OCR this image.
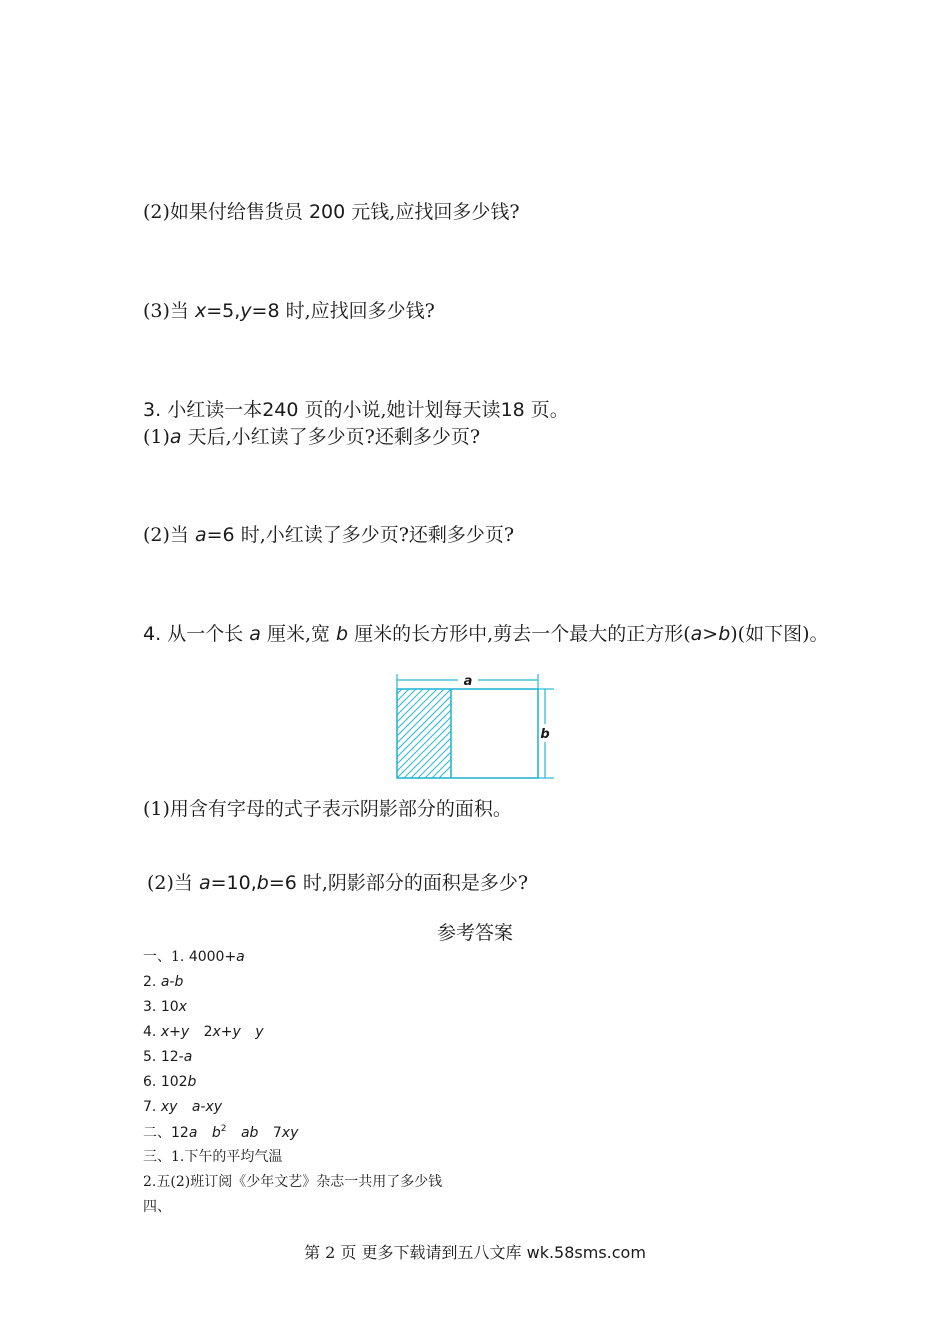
(2)如果付给售货员 200 元钱,应找回多少钱?
(3)当 x=5,y=8 时,应找回多少钱?
3. 小红读一本240 页的小说,她计划每天读18 页。
(1)a 天后,小红读了多少页?还剩多少页?
(2)当 a=6 时,小红读了多少页?还剩多少页?
4. 从一个长 a 厘米,宽 b 厘米的长方形中,剪去一个最大的正方形(a>b)(如下图)。
a
b
(1)用含有字母的式子表示阴影部分的面积。
(2)当 a=10,b=6 时,阴影部分的面积是多少?
参考答案
一、1. 4000+a
2. a-b
3. 10x
4. x+y 2x+y y
5. 12-a
6. 102b
7. xy a-xy
二、12a $b^2$ ab 7xy
三、1.下午的平均气温
2.五(2)班订阅《少年文艺》杂志一共用了多少钱
四、
第 2 页 更多下载请到五八文库 wk.58sms.com
